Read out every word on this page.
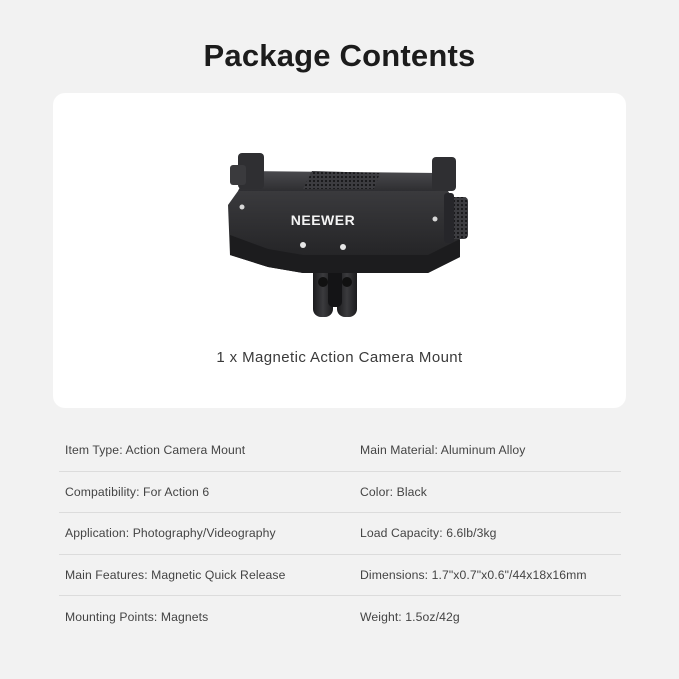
Package Contents
NEEWER
1 x Magnetic Action Camera Mount
Item Type: Action Camera Mount	Main Material: Aluminum Alloy
Compatibility: For Action 6	Color: Black
Application: Photography/Videography	Load Capacity: 6.6lb/3kg
Main Features: Magnetic Quick Release	Dimensions: 1.7"x0.7"x0.6"/44x18x16mm
Mounting Points: Magnets	Weight: 1.5oz/42g
